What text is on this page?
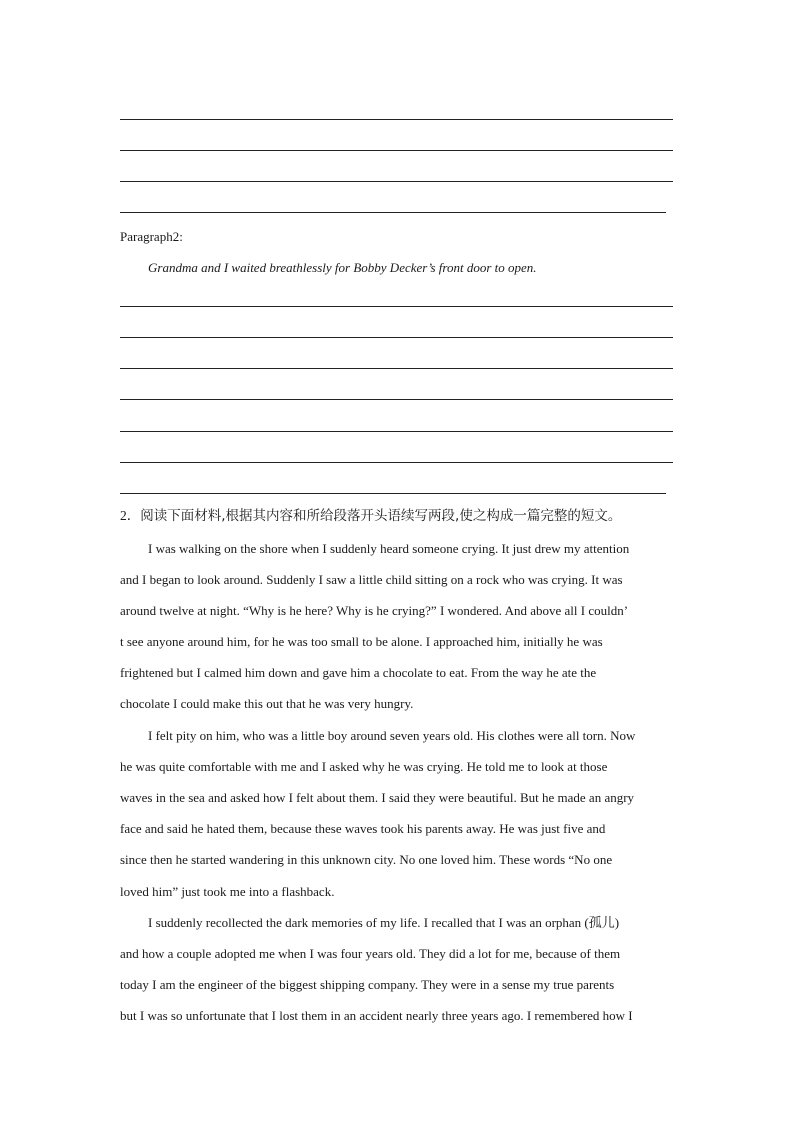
Paragraph2:
Grandma and I waited breathlessly for Bobby Decker’s front door to open.
2．阅读下面材料,根据其内容和所给段落开头语续写两段,使之构成一篇完整的短文。
I was walking on the shore when I suddenly heard someone crying. It just drew my attention
and I began to look around. Suddenly I saw a little child sitting on a rock who was crying. It was
around twelve at night. “Why is he here? Why is he crying?” I wondered. And above all I couldn’
t see anyone around him, for he was too small to be alone. I approached him, initially he was
frightened but I calmed him down and gave him a chocolate to eat. From the way he ate the
chocolate I could make this out that he was very hungry.
I felt pity on him, who was a little boy around seven years old. His clothes were all torn. Now
he was quite comfortable with me and I asked why he was crying. He told me to look at those
waves in the sea and asked how I felt about them. I said they were beautiful. But he made an angry
face and said he hated them, because these waves took his parents away. He was just five and
since then he started wandering in this unknown city. No one loved him. These words “No one
loved him” just took me into a flashback.
I suddenly recollected the dark memories of my life. I recalled that I was an orphan (孤儿)
and how a couple adopted me when I was four years old. They did a lot for me, because of them
today I am the engineer of the biggest shipping company. They were in a sense my true parents
but I was so unfortunate that I lost them in an accident nearly three years ago. I remembered how I
